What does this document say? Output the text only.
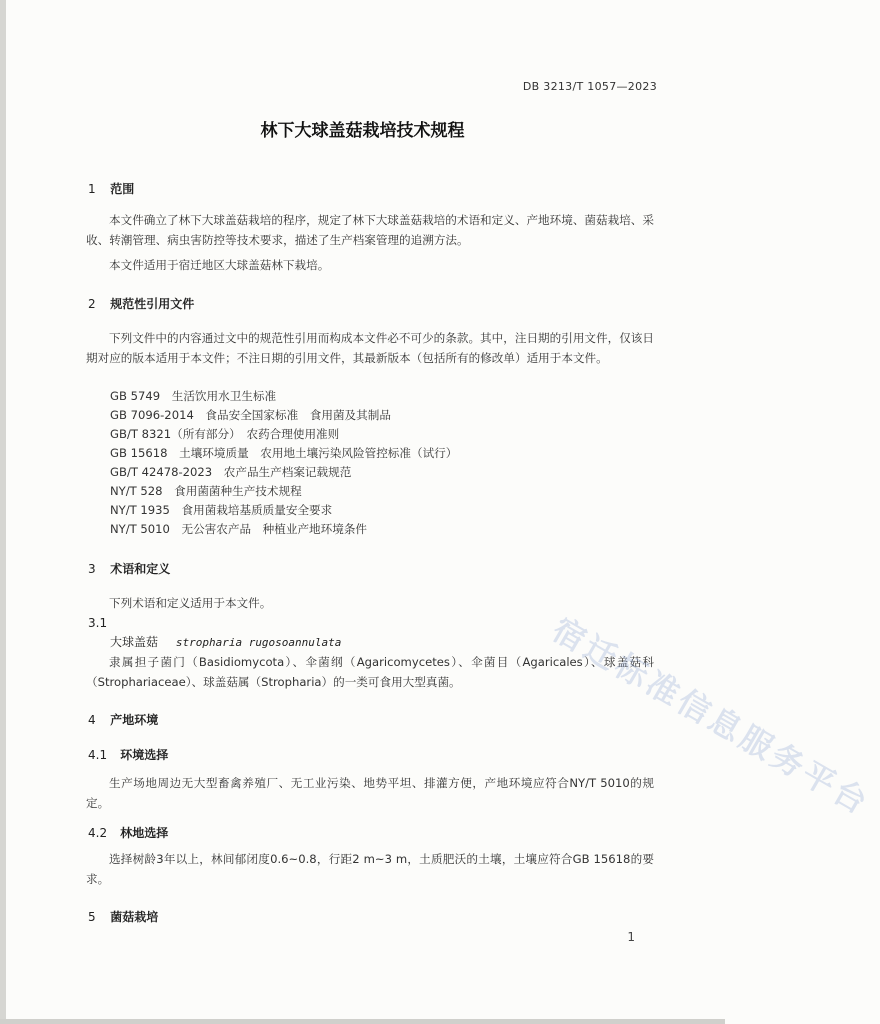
DB 3213/T 1057—2023
林下大球盖菇栽培技术规程
1 范围
本文件确立了林下大球盖菇栽培的程序，规定了林下大球盖菇栽培的术语和定义、产地环境、菌菇栽培、采收、转潮管理、病虫害防控等技术要求，描述了生产档案管理的追溯方法。
本文件适用于宿迁地区大球盖菇林下栽培。
2 规范性引用文件
下列文件中的内容通过文中的规范性引用而构成本文件必不可少的条款。其中，注日期的引用文件，仅该日期对应的版本适用于本文件；不注日期的引用文件，其最新版本（包括所有的修改单）适用于本文件。
GB 5749　生活饮用水卫生标准
GB 7096-2014　食品安全国家标准　食用菌及其制品
GB/T 8321（所有部分）　农药合理使用准则
GB 15618　土壤环境质量　农用地土壤污染风险管控标准（试行）
GB/T 42478-2023　农产品生产档案记载规范
NY/T 528　食用菌菌种生产技术规程
NY/T 1935　食用菌栽培基质质量安全要求
NY/T 5010　无公害农产品　种植业产地环境条件
3 术语和定义
下列术语和定义适用于本文件。
3.1
大球盖菇 stropharia rugosoannulata
隶属担子菌门（Basidiomycota）、伞菌纲（Agaricomycetes）、伞菌目（Agaricales）、球盖菇科（Strophariaceae）、球盖菇属（Stropharia）的一类可食用大型真菌。
4 产地环境
4.1 环境选择
生产场地周边无大型畜禽养殖厂、无工业污染、地势平坦、排灌方便，产地环境应符合NY/T 5010的规定。
4.2 林地选择
选择树龄3年以上，林间郁闭度0.6~0.8，行距2 m~3 m，土质肥沃的土壤，土壤应符合GB 15618的要求。
5 菌菇栽培
1
宿迁标准信息服务平台
